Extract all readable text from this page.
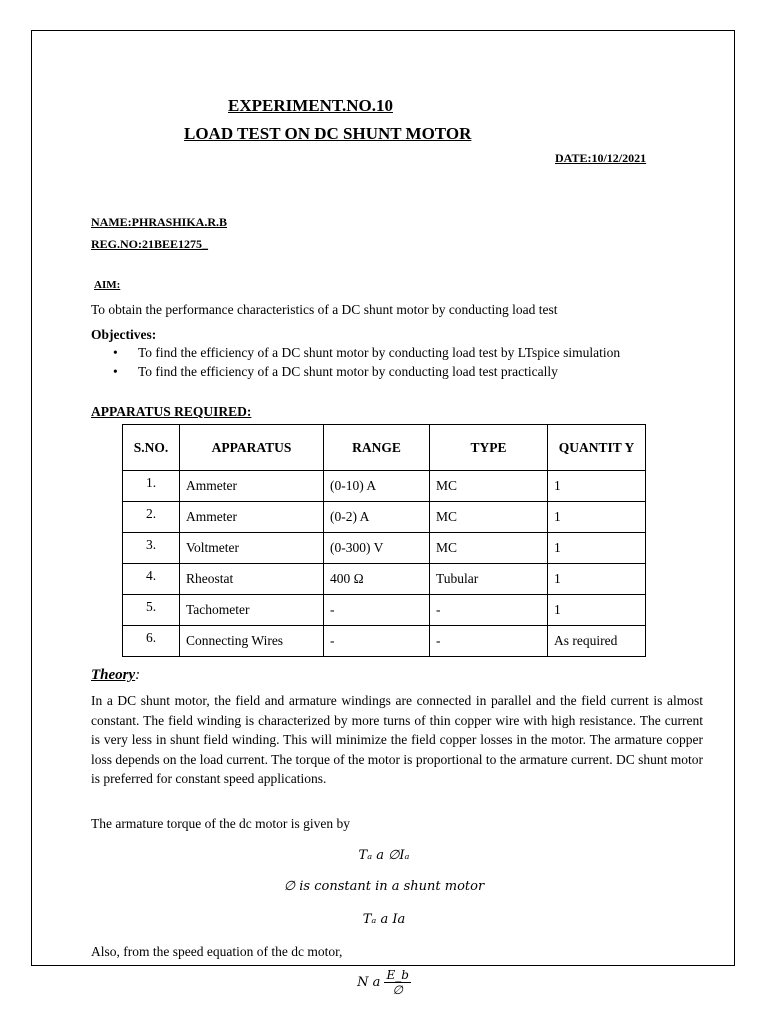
EXPERIMENT.NO.10
LOAD TEST ON DC SHUNT MOTOR
DATE:10/12/2021
NAME:PHRASHIKA.R.B
REG.NO:21BEE1275_
AIM:
To obtain the performance characteristics of a DC shunt motor by conducting load test
Objectives:
• To find the efficiency of a DC shunt motor by conducting load test by LTspice simulation
• To find the efficiency of a DC shunt motor by conducting load test practically
APPARATUS REQUIRED:
S.NO.	APPARATUS	RANGE	TYPE	QUANTIT Y
1.	Ammeter	(0-10) A	MC	1
2.	Ammeter	(0-2) A	MC	1
3.	Voltmeter	(0-300) V	MC	1
4.	Rheostat	400 Ω	Tubular	1
5.	Tachometer	-	-	1
6.	Connecting Wires	-	-	As required
Theory:
In a DC shunt motor, the field and armature windings are connected in parallel and the field current is almost constant. The field winding is characterized by more turns of thin copper wire with high resistance. The current is very less in shunt field winding. This will minimize the field copper losses in the motor. The armature copper loss depends on the load current. The torque of the motor is proportional to the armature current. DC shunt motor is preferred for constant speed applications.
The armature torque of the dc motor is given by
Tₐ a ∅Iₐ
∅ is constant in a shunt motor
Tₐ a Ia
Also, from the speed equation of the dc motor,
N a $\frac{E\_b}{\emptyset}$
